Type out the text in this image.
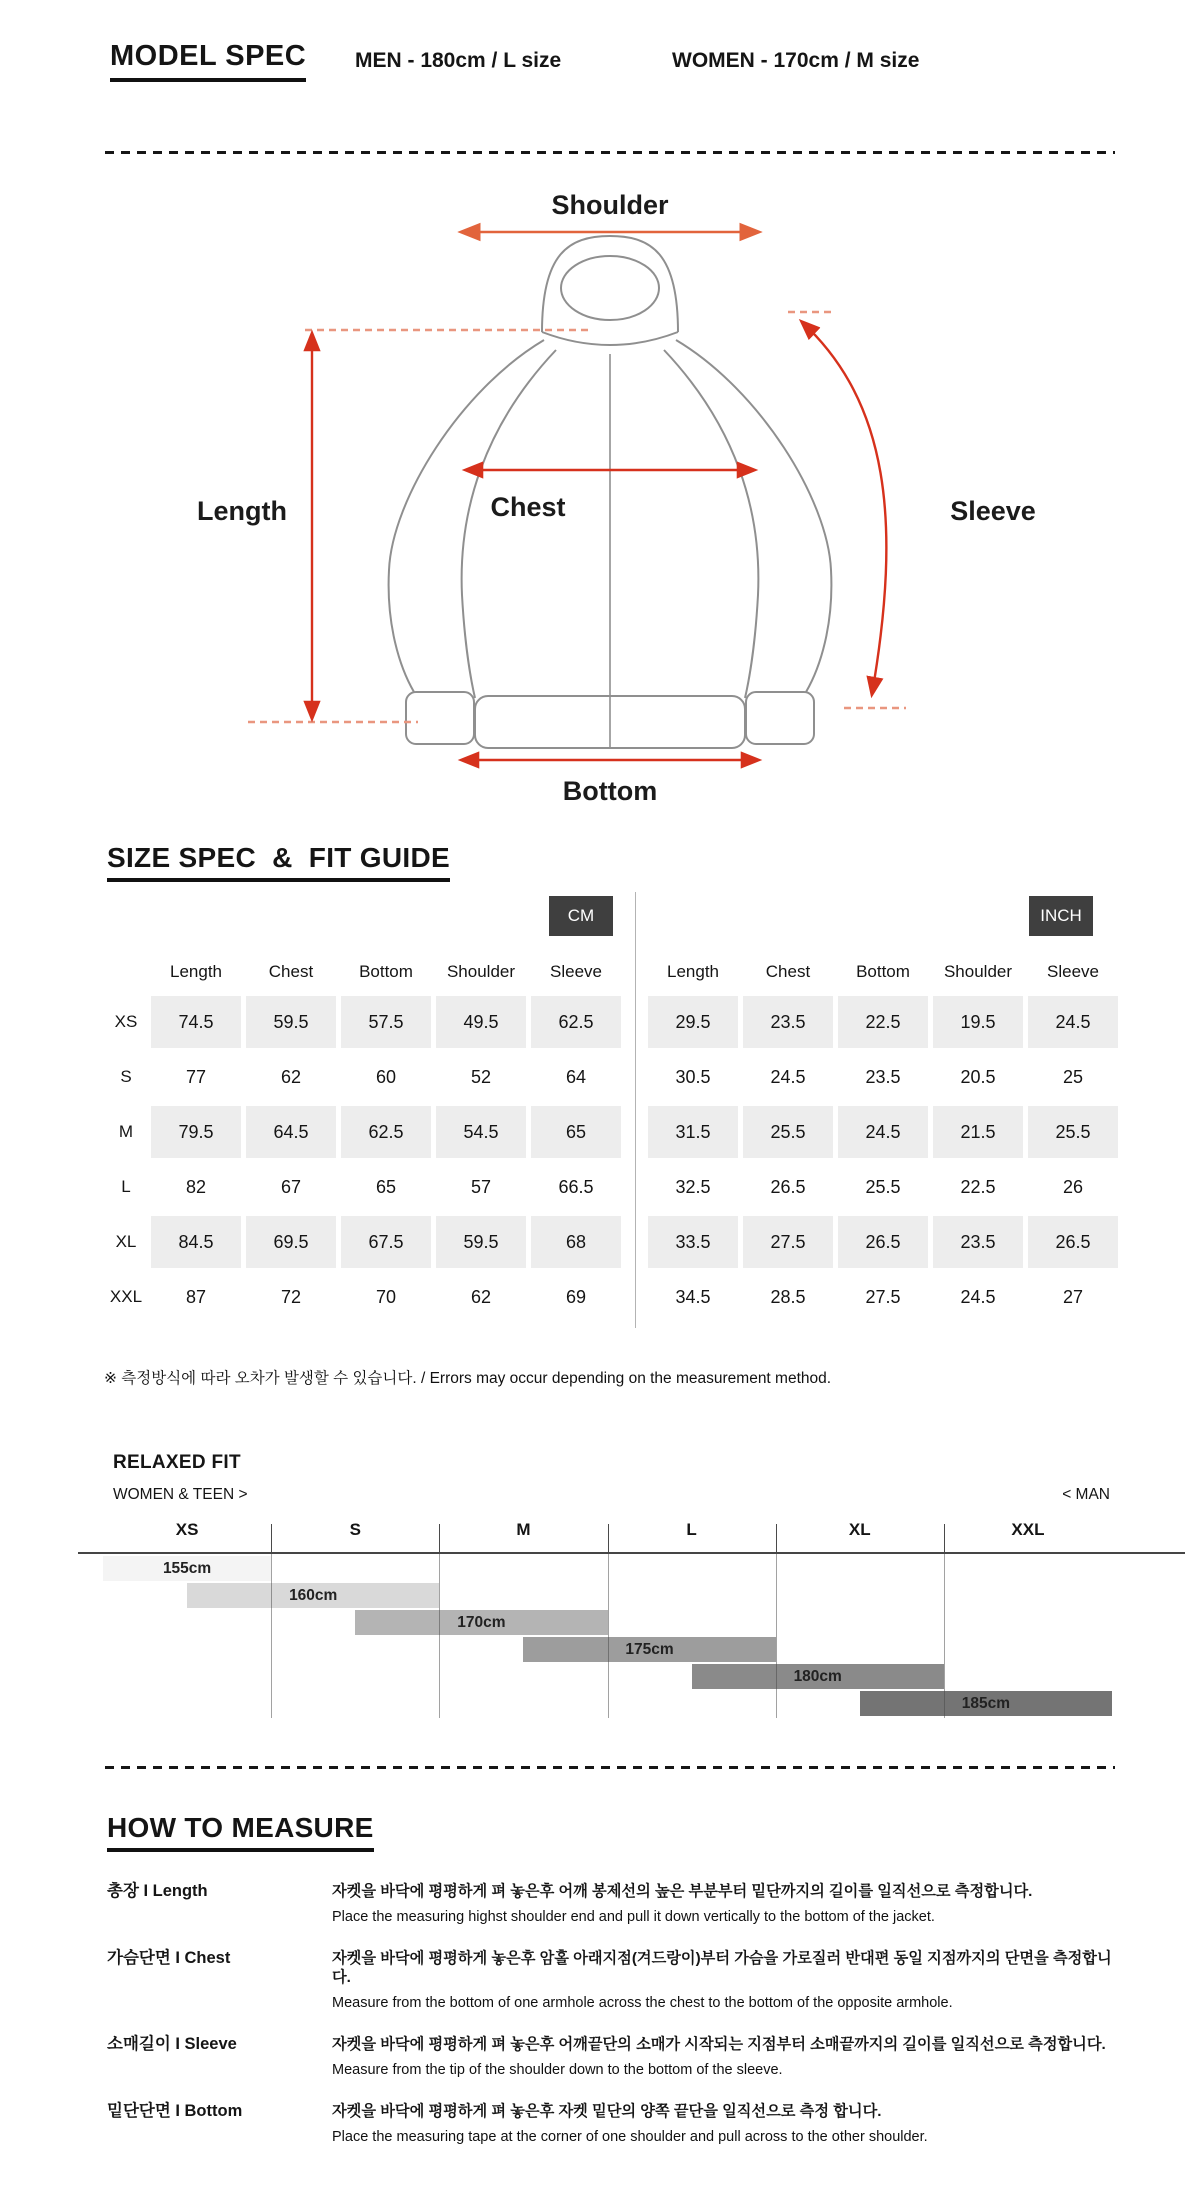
MODEL SPEC MEN - 180cm / L size	WOMEN - 170cm / M size
Shoulder
Length	Chest	Sleeve
Bottom
SIZE SPEC  &  FIT GUIDE
CM
Length	Chest	Bottom	Shoulder	Sleeve
XS	74.5	59.5	57.5	49.5	62.5
S	77	62	60	52	64
M	79.5	64.5	62.5	54.5	65
L	82	67	65	57	66.5
XL	84.5	69.5	67.5	59.5	68
XXL	87	72	70	62	69
INCH
Length	Chest	Bottom	Shoulder	Sleeve
29.5	23.5	22.5	19.5	24.5
30.5	24.5	23.5	20.5	25
31.5	25.5	24.5	21.5	25.5
32.5	26.5	25.5	22.5	26
33.5	27.5	26.5	23.5	26.5
34.5	28.5	27.5	24.5	27
※ 측정방식에 따라 오차가 발생할 수 있습니다. / Errors may occur depending on the measurement method.
RELAXED FIT
WOMEN & TEEN >	< MAN
XS	S	M	L	XL	XXL
155cm
160cm
170cm
175cm
180cm
185cm
HOW TO MEASURE
총장 I Length	자켓을 바닥에 평평하게 펴 놓은후 어깨 봉제선의 높은 부분부터 밑단까지의 길이를 일직선으로 측정합니다.
Place the measuring highst shoulder end and pull it down vertically to the bottom of the jacket.
가슴단면 I Chest	자켓을 바닥에 평평하게 놓은후 암홀 아래지점(겨드랑이)부터 가슴을 가로질러 반대편 동일 지점까지의 단면을 측정합니다.
Measure from the bottom of one armhole across the chest to the bottom of the opposite armhole.
소매길이 I Sleeve	자켓을 바닥에 평평하게 펴 놓은후 어깨끝단의 소매가 시작되는 지점부터 소매끝까지의 길이를 일직선으로 측정합니다.
Measure from the tip of the shoulder down to the bottom of the sleeve.
밑단단면 I Bottom	자켓을 바닥에 평평하게 펴 놓은후 자켓 밑단의 양쪽 끝단을 일직선으로 측정 합니다.
Place the measuring tape at the corner of one shoulder and pull across to the other shoulder.
